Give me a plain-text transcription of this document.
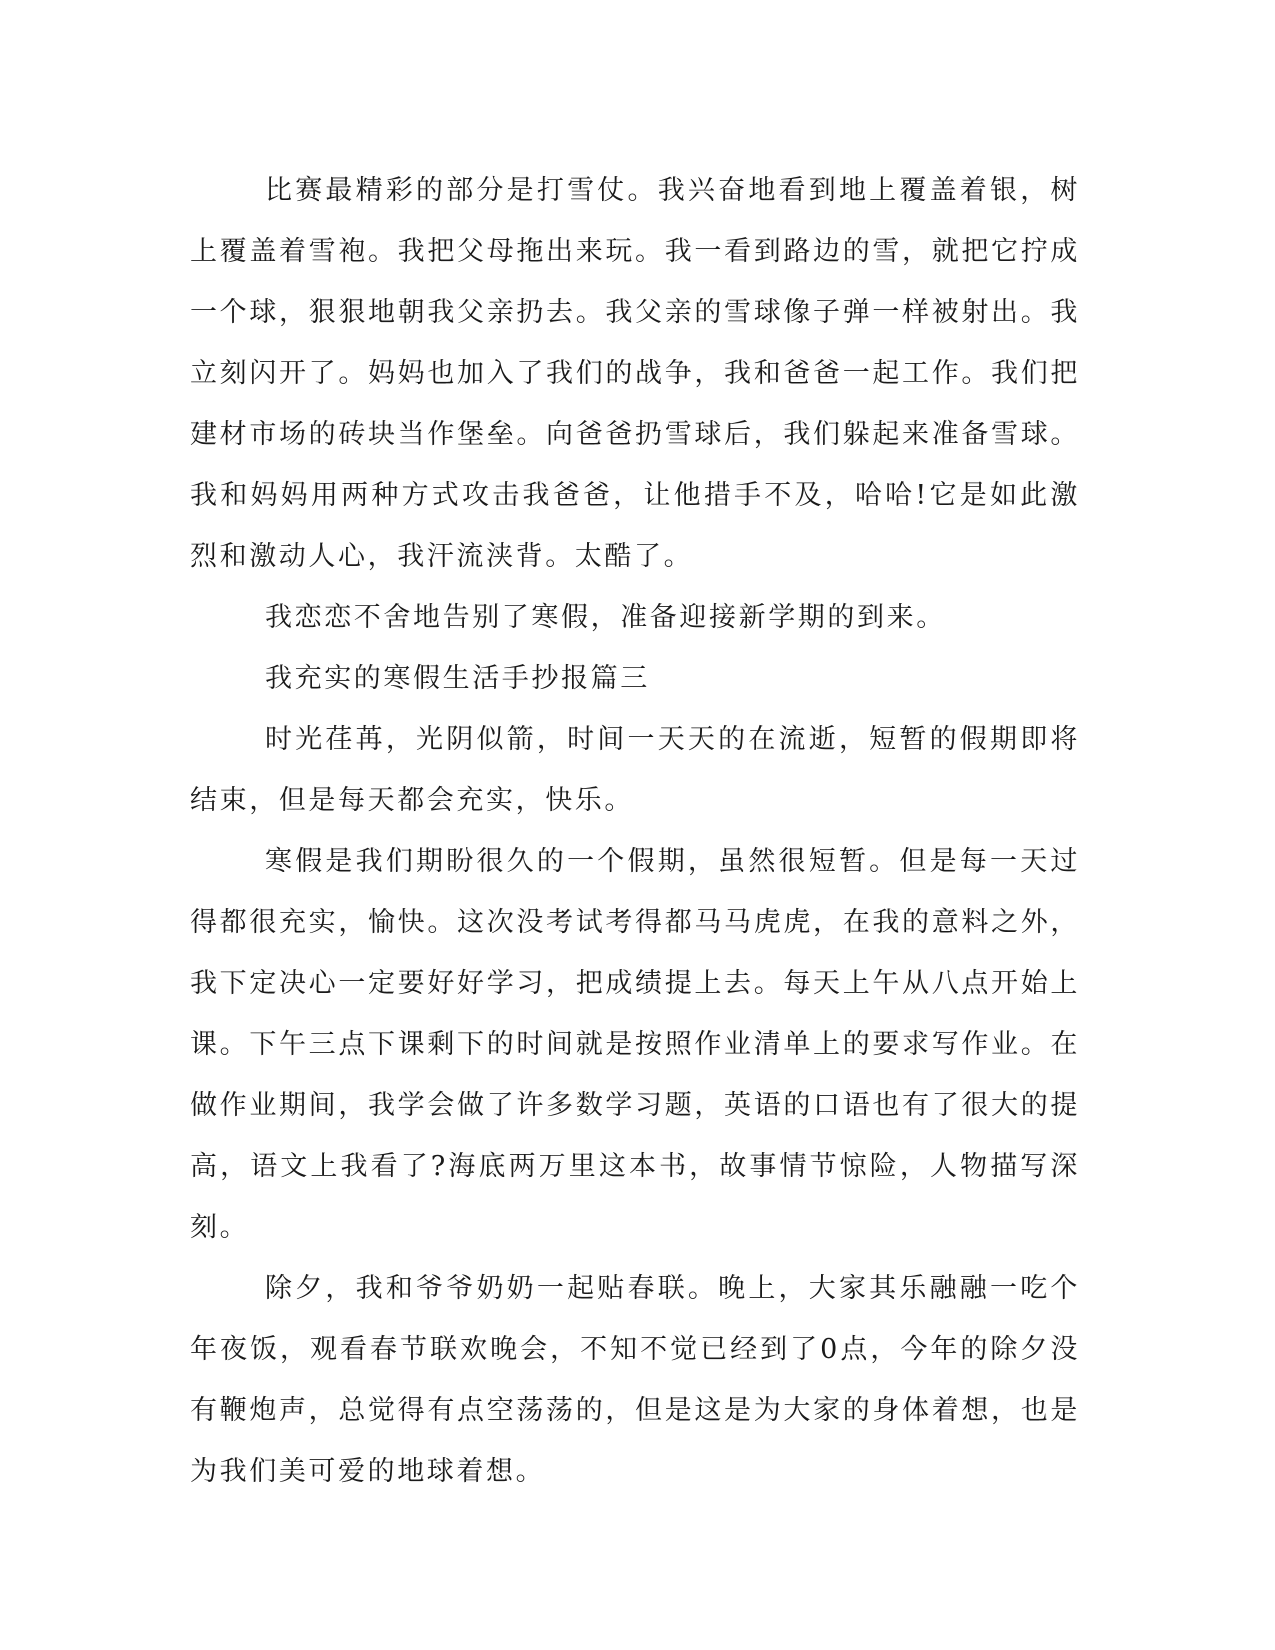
比赛最精彩的部分是打雪仗。我兴奋地看到地上覆盖着银，树上覆盖着雪袍。我把父母拖出来玩。我一看到路边的雪，就把它拧成一个球，狠狠地朝我父亲扔去。我父亲的雪球像子弹一样被射出。我立刻闪开了。妈妈也加入了我们的战争，我和爸爸一起工作。我们把建材市场的砖块当作堡垒。向爸爸扔雪球后，我们躲起来准备雪球。我和妈妈用两种方式攻击我爸爸，让他措手不及，哈哈!它是如此激烈和激动人心，我汗流浃背。太酷了。

我恋恋不舍地告别了寒假，准备迎接新学期的到来。

我充实的寒假生活手抄报篇三

时光荏苒，光阴似箭，时间一天天的在流逝，短暂的假期即将结束，但是每天都会充实，快乐。

寒假是我们期盼很久的一个假期，虽然很短暂。但是每一天过得都很充实，愉快。这次没考试考得都马马虎虎，在我的意料之外，我下定决心一定要好好学习，把成绩提上去。每天上午从八点开始上课。下午三点下课剩下的时间就是按照作业清单上的要求写作业。在做作业期间，我学会做了许多数学习题，英语的口语也有了很大的提高，语文上我看了?海底两万里这本书，故事情节惊险，人物描写深刻。

除夕，我和爷爷奶奶一起贴春联。晚上，大家其乐融融一吃个年夜饭，观看春节联欢晚会，不知不觉已经到了0点，今年的除夕没有鞭炮声，总觉得有点空荡荡的，但是这是为大家的身体着想，也是为我们美可爱的地球着想。
